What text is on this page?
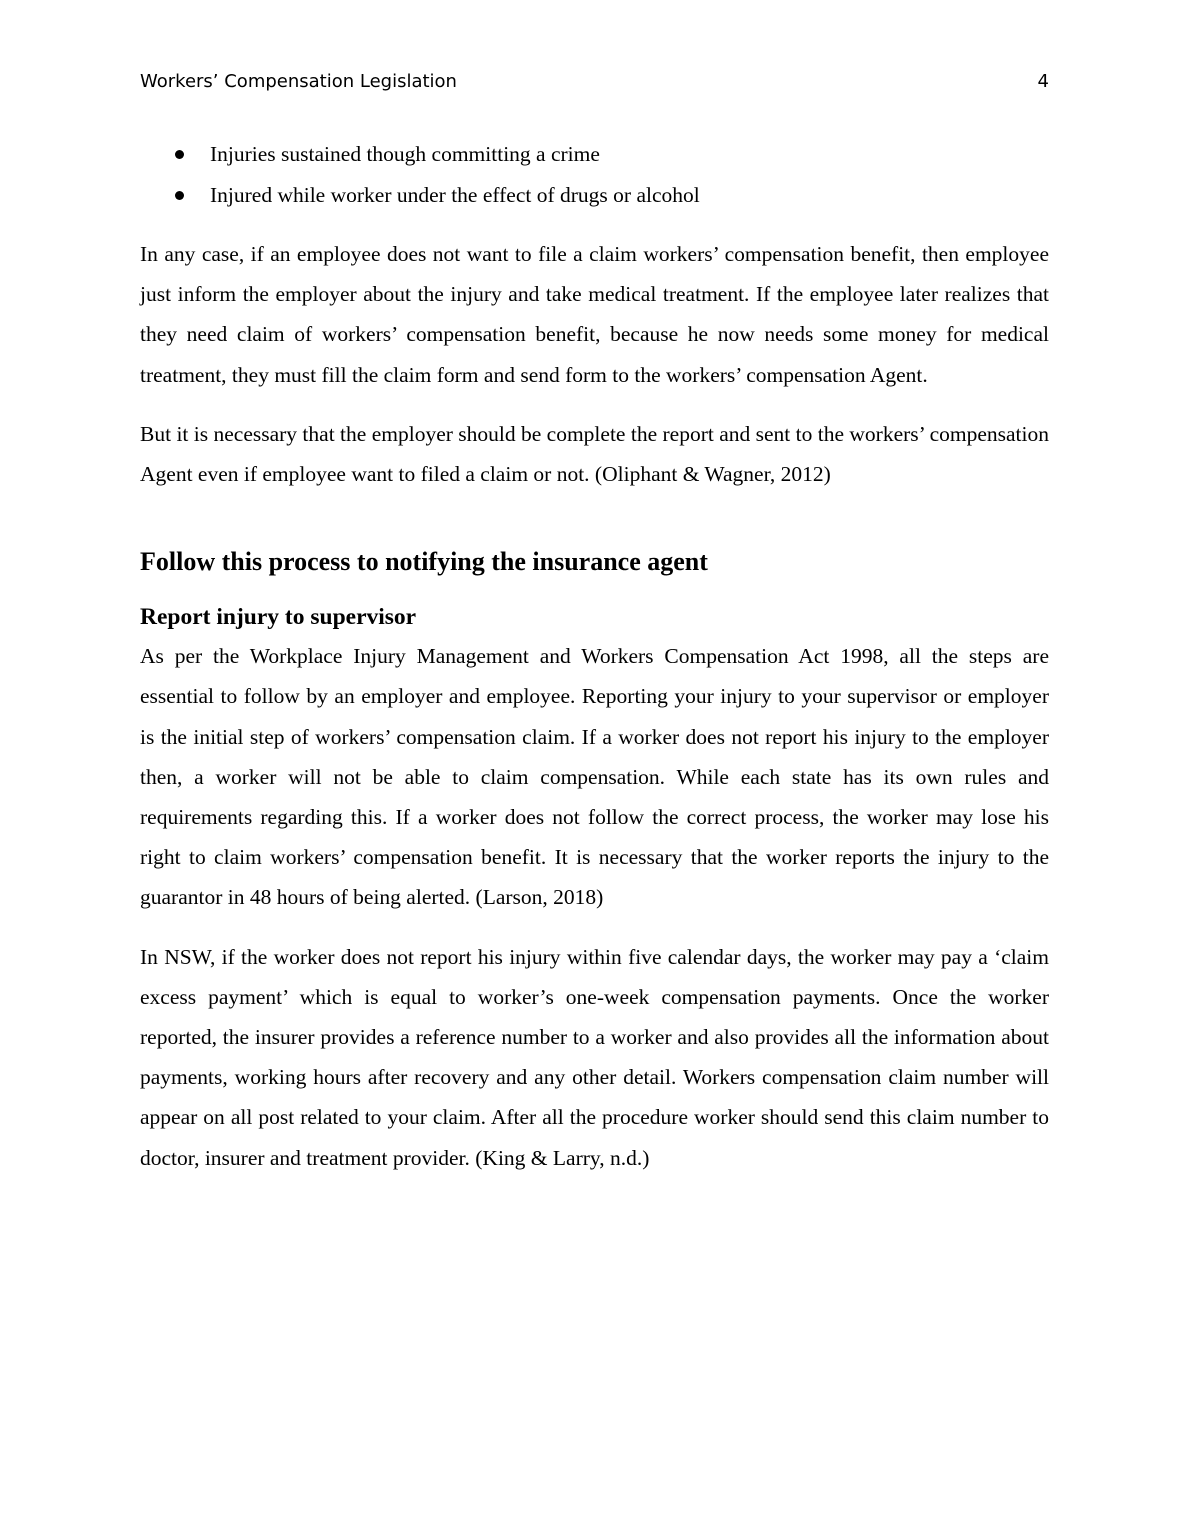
Workers’ Compensation Legislation	4
Injuries sustained though committing a crime
Injured while worker under the effect of drugs or alcohol

In any case, if an employee does not want to file a claim workers’ compensation benefit, then employee just inform the employer about the injury and take medical treatment. If the employee later realizes that they need claim of workers’ compensation benefit, because he now needs some money for medical treatment, they must fill the claim form and send form to the workers’ compensation Agent.

But it is necessary that the employer should be complete the report and sent to the workers’ compensation Agent even if employee want to filed a claim or not. (Oliphant & Wagner, 2012)

Follow this process to notifying the insurance agent
Report injury to supervisor

As per the Workplace Injury Management and Workers Compensation Act 1998, all the steps are essential to follow by an employer and employee. Reporting your injury to your supervisor or employer is the initial step of workers’ compensation claim. If a worker does not report his injury to the employer then, a worker will not be able to claim compensation. While each state has its own rules and requirements regarding this. If a worker does not follow the correct process, the worker may lose his right to claim workers’ compensation benefit. It is necessary that the worker reports the injury to the guarantor in 48 hours of being alerted. (Larson, 2018)

In NSW, if the worker does not report his injury within five calendar days, the worker may pay a ‘claim excess payment’ which is equal to worker’s one-week compensation payments. Once the worker reported, the insurer provides a reference number to a worker and also provides all the information about payments, working hours after recovery and any other detail. Workers compensation claim number will appear on all post related to your claim. After all the procedure worker should send this claim number to doctor, insurer and treatment provider. (King & Larry, n.d.)
